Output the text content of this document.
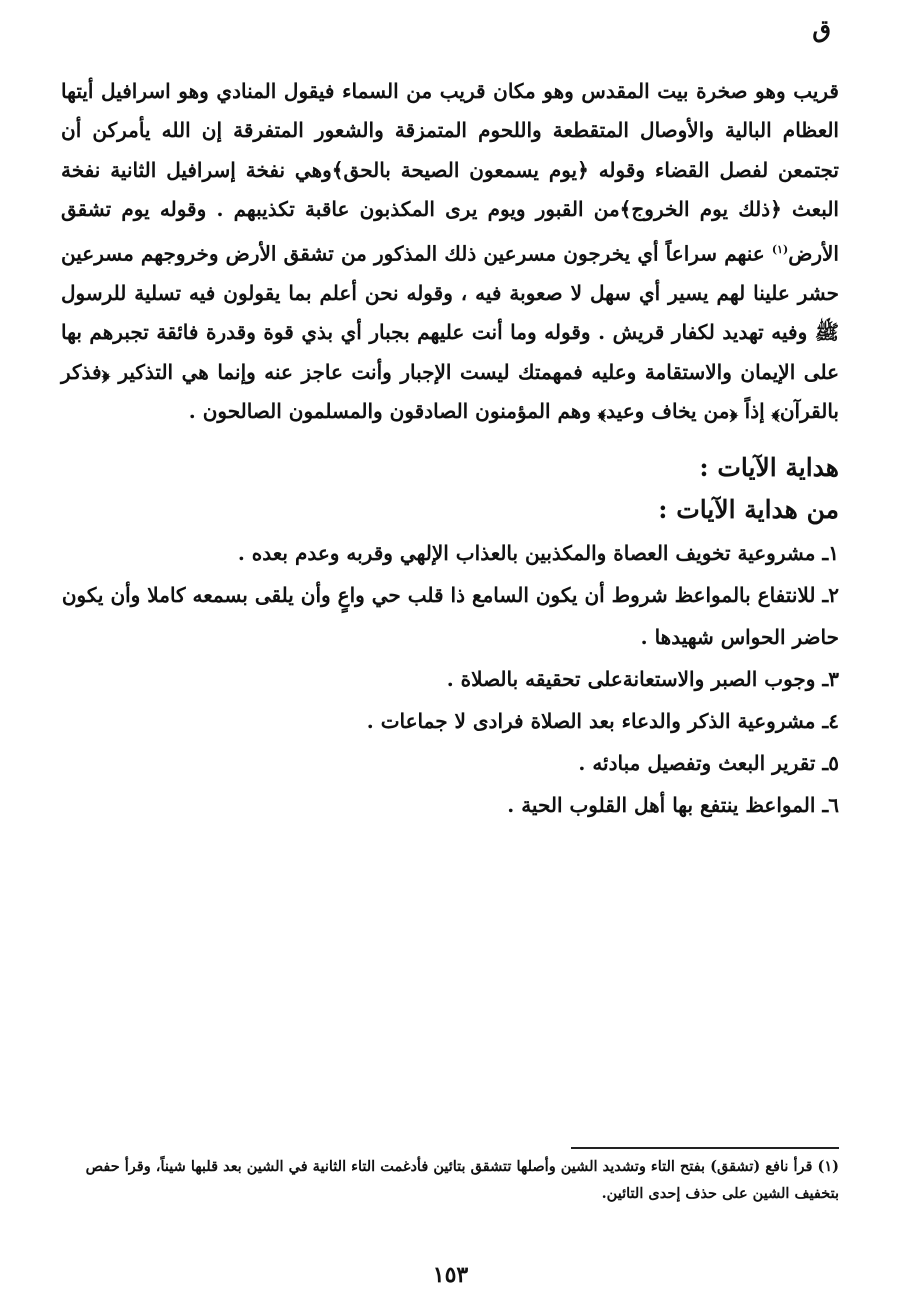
ق

قريب وهو صخرة بيت المقدس وهو مكان قريب من السماء فيقول المنادي وهو اسرافيل أيتها العظام البالية والأوصال المتقطعة واللحوم المتمزقة والشعور المتفرقة إن الله يأمركن أن تجتمعن لفصل القضاء وقوله ﴿يوم يسمعون الصيحة بالحق﴾وهي نفخة إسرافيل الثانية نفخة البعث ﴿ذلك يوم الخروج﴾من القبور ويوم يرى المكذبون عاقبة تكذيبهم . وقوله يوم تشقق الأرض$^{(١)}$ عنهم سراعاً أي يخرجون مسرعين ذلك المذكور من تشقق الأرض وخروجهم مسرعين حشر علينا لهم يسير أي سهل لا صعوبة فيه ، وقوله نحن أعلم بما يقولون فيه تسلية للرسول ﷺ وفيه تهديد لكفار قريش . وقوله وما أنت عليهم بجبار أي بذي قوة وقدرة فائقة تجبرهم بها على الإيمان والاستقامة وعليه فمهمتك ليست الإجبار وأنت عاجز عنه وإنما هي التذكير ﴿فذكر بالقرآن﴾ إذاً ﴿من يخاف وعيد﴾ وهم المؤمنون الصادقون والمسلمون الصالحون .

هداية الآيات :
من هداية الآيات :
١ـ مشروعية تخويف العصاة والمكذبين بالعذاب الإلهي وقربه وعدم بعده .
٢ـ للانتفاع بالمواعظ شروط أن يكون السامع ذا قلب حي واعٍ وأن يلقى بسمعه كاملا وأن يكون حاضر الحواس شهيدها .
٣ـ وجوب الصبر والاستعانةعلى تحقيقه بالصلاة .
٤ـ مشروعية الذكر والدعاء بعد الصلاة فرادى لا جماعات .
٥ـ تقرير البعث وتفصيل مبادئه .
٦ـ المواعظ ينتفع بها أهل القلوب الحية .

(١) قرأ نافع (تشقق) بفتح التاء وتشديد الشين وأصلها تتشقق بتائين فأدغمت التاء الثانية في الشين بعد قلبها شيناً، وقرأ حفص بتخفيف الشين على حذف إحدى التائين.

١٥٣
